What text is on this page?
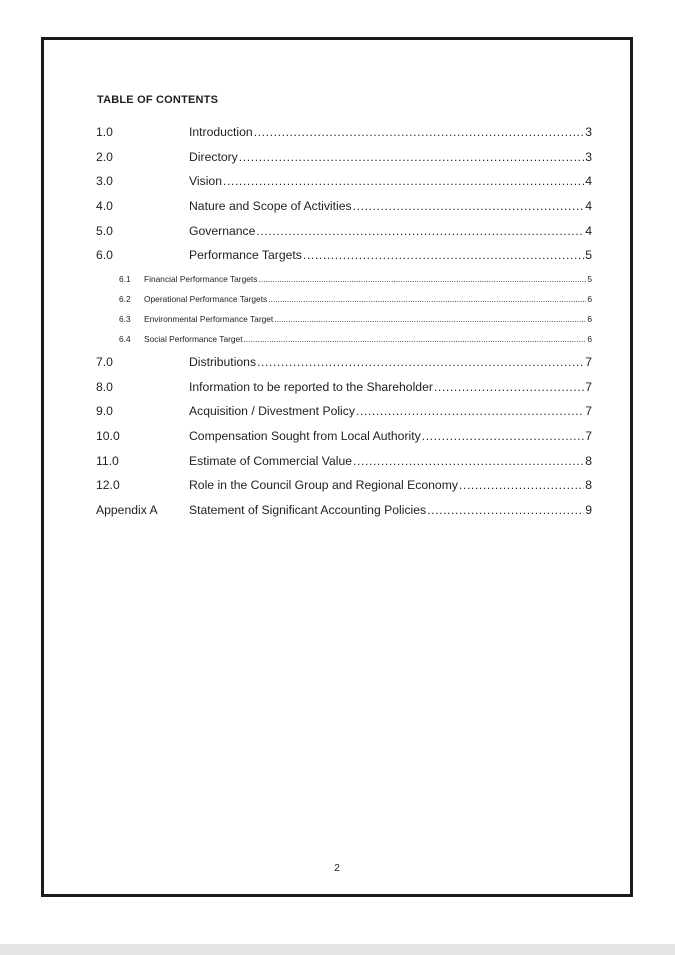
TABLE OF CONTENTS
1.0	Introduction .....	3
2.0	Directory .....	3
3.0	Vision .....	4
4.0	Nature and Scope of Activities .....	4
5.0	Governance .....	4
6.0	Performance Targets .....	5
6.1	Financial Performance Targets .....	5
6.2	Operational Performance Targets .....	6
6.3	Environmental Performance Target .....	6
6.4	Social Performance Target .....	6
7.0	Distributions .....	7
8.0	Information to be reported to the Shareholder .....	7
9.0	Acquisition / Divestment Policy .....	7
10.0	Compensation Sought from Local Authority .....	7
11.0	Estimate of Commercial Value .....	8
12.0	Role in the Council Group and Regional Economy .....	8
Appendix A	Statement of Significant Accounting Policies .....	9
2
